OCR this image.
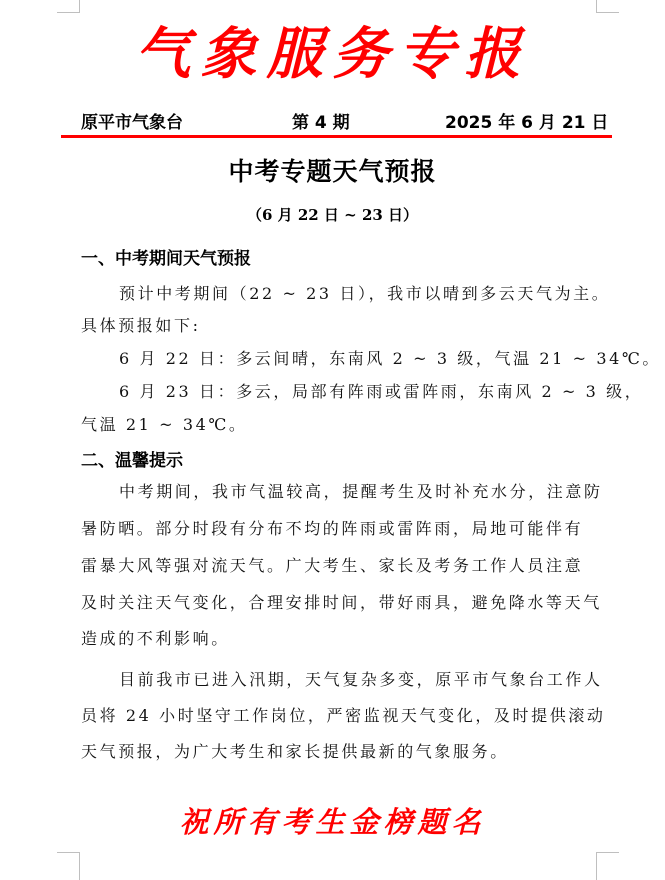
气象服务专报
原平市气象台	第 4 期	2025 年 6 月 21 日
中考专题天气预报
（6 月 22 日 ~ 23 日）
一、中考期间天气预报
预计中考期间（22 ~ 23 日），我市以晴到多云天气为主。
具体预报如下:
6 月 22 日：多云间晴，东南风 2 ~ 3 级，气温 21 ~ 34℃。
6 月 23 日：多云，局部有阵雨或雷阵雨，东南风 2 ~ 3 级，
气温 21 ~ 34℃。
二、温馨提示
中考期间，我市气温较高，提醒考生及时补充水分，注意防
暑防晒。部分时段有分布不均的阵雨或雷阵雨，局地可能伴有
雷暴大风等强对流天气。广大考生、家长及考务工作人员注意
及时关注天气变化，合理安排时间，带好雨具，避免降水等天气
造成的不利影响。
目前我市已进入汛期，天气复杂多变，原平市气象台工作人
员将 24 小时坚守工作岗位，严密监视天气变化，及时提供滚动
天气预报，为广大考生和家长提供最新的气象服务。
祝所有考生金榜题名
